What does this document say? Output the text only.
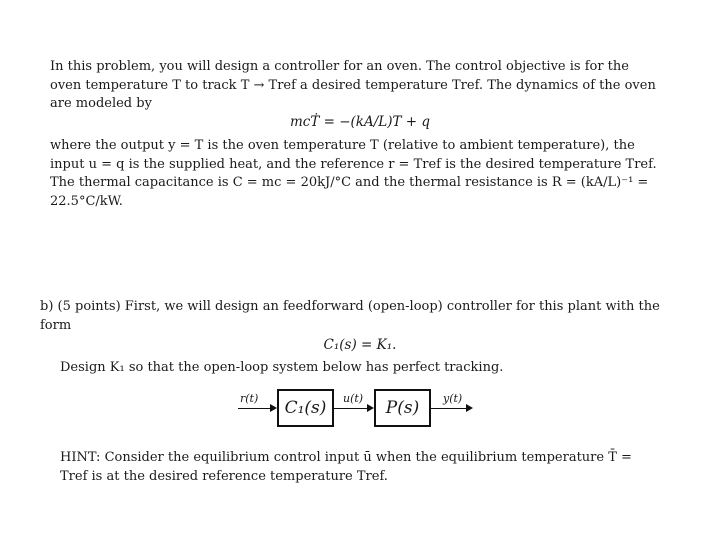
In this problem, you will design a controller for an oven. The control objective is for the oven temperature T to track T → Tref a desired temperature Tref. The dynamics of the oven are modeled by

mcṪ = −(kA/L)T + q

where the output y = T is the oven temperature T (relative to ambient temperature), the input u = q is the supplied heat, and the reference r = Tref is the desired temperature Tref. The thermal capacitance is C = mc = 20kJ/°C and the thermal resistance is R = (kA/L)⁻¹ = 22.5°C/kW.

b) (5 points) First, we will design an feedforward (open-loop) controller for this plant with the form

C₁(s) = K₁.

Design K₁ so that the open-loop system below has perfect tracking.

r(t)	C₁(s)	u(t)	P(s)	y(t)

HINT: Consider the equilibrium control input ū when the equilibrium temperature T̄ = Tref is at the desired reference temperature Tref.
